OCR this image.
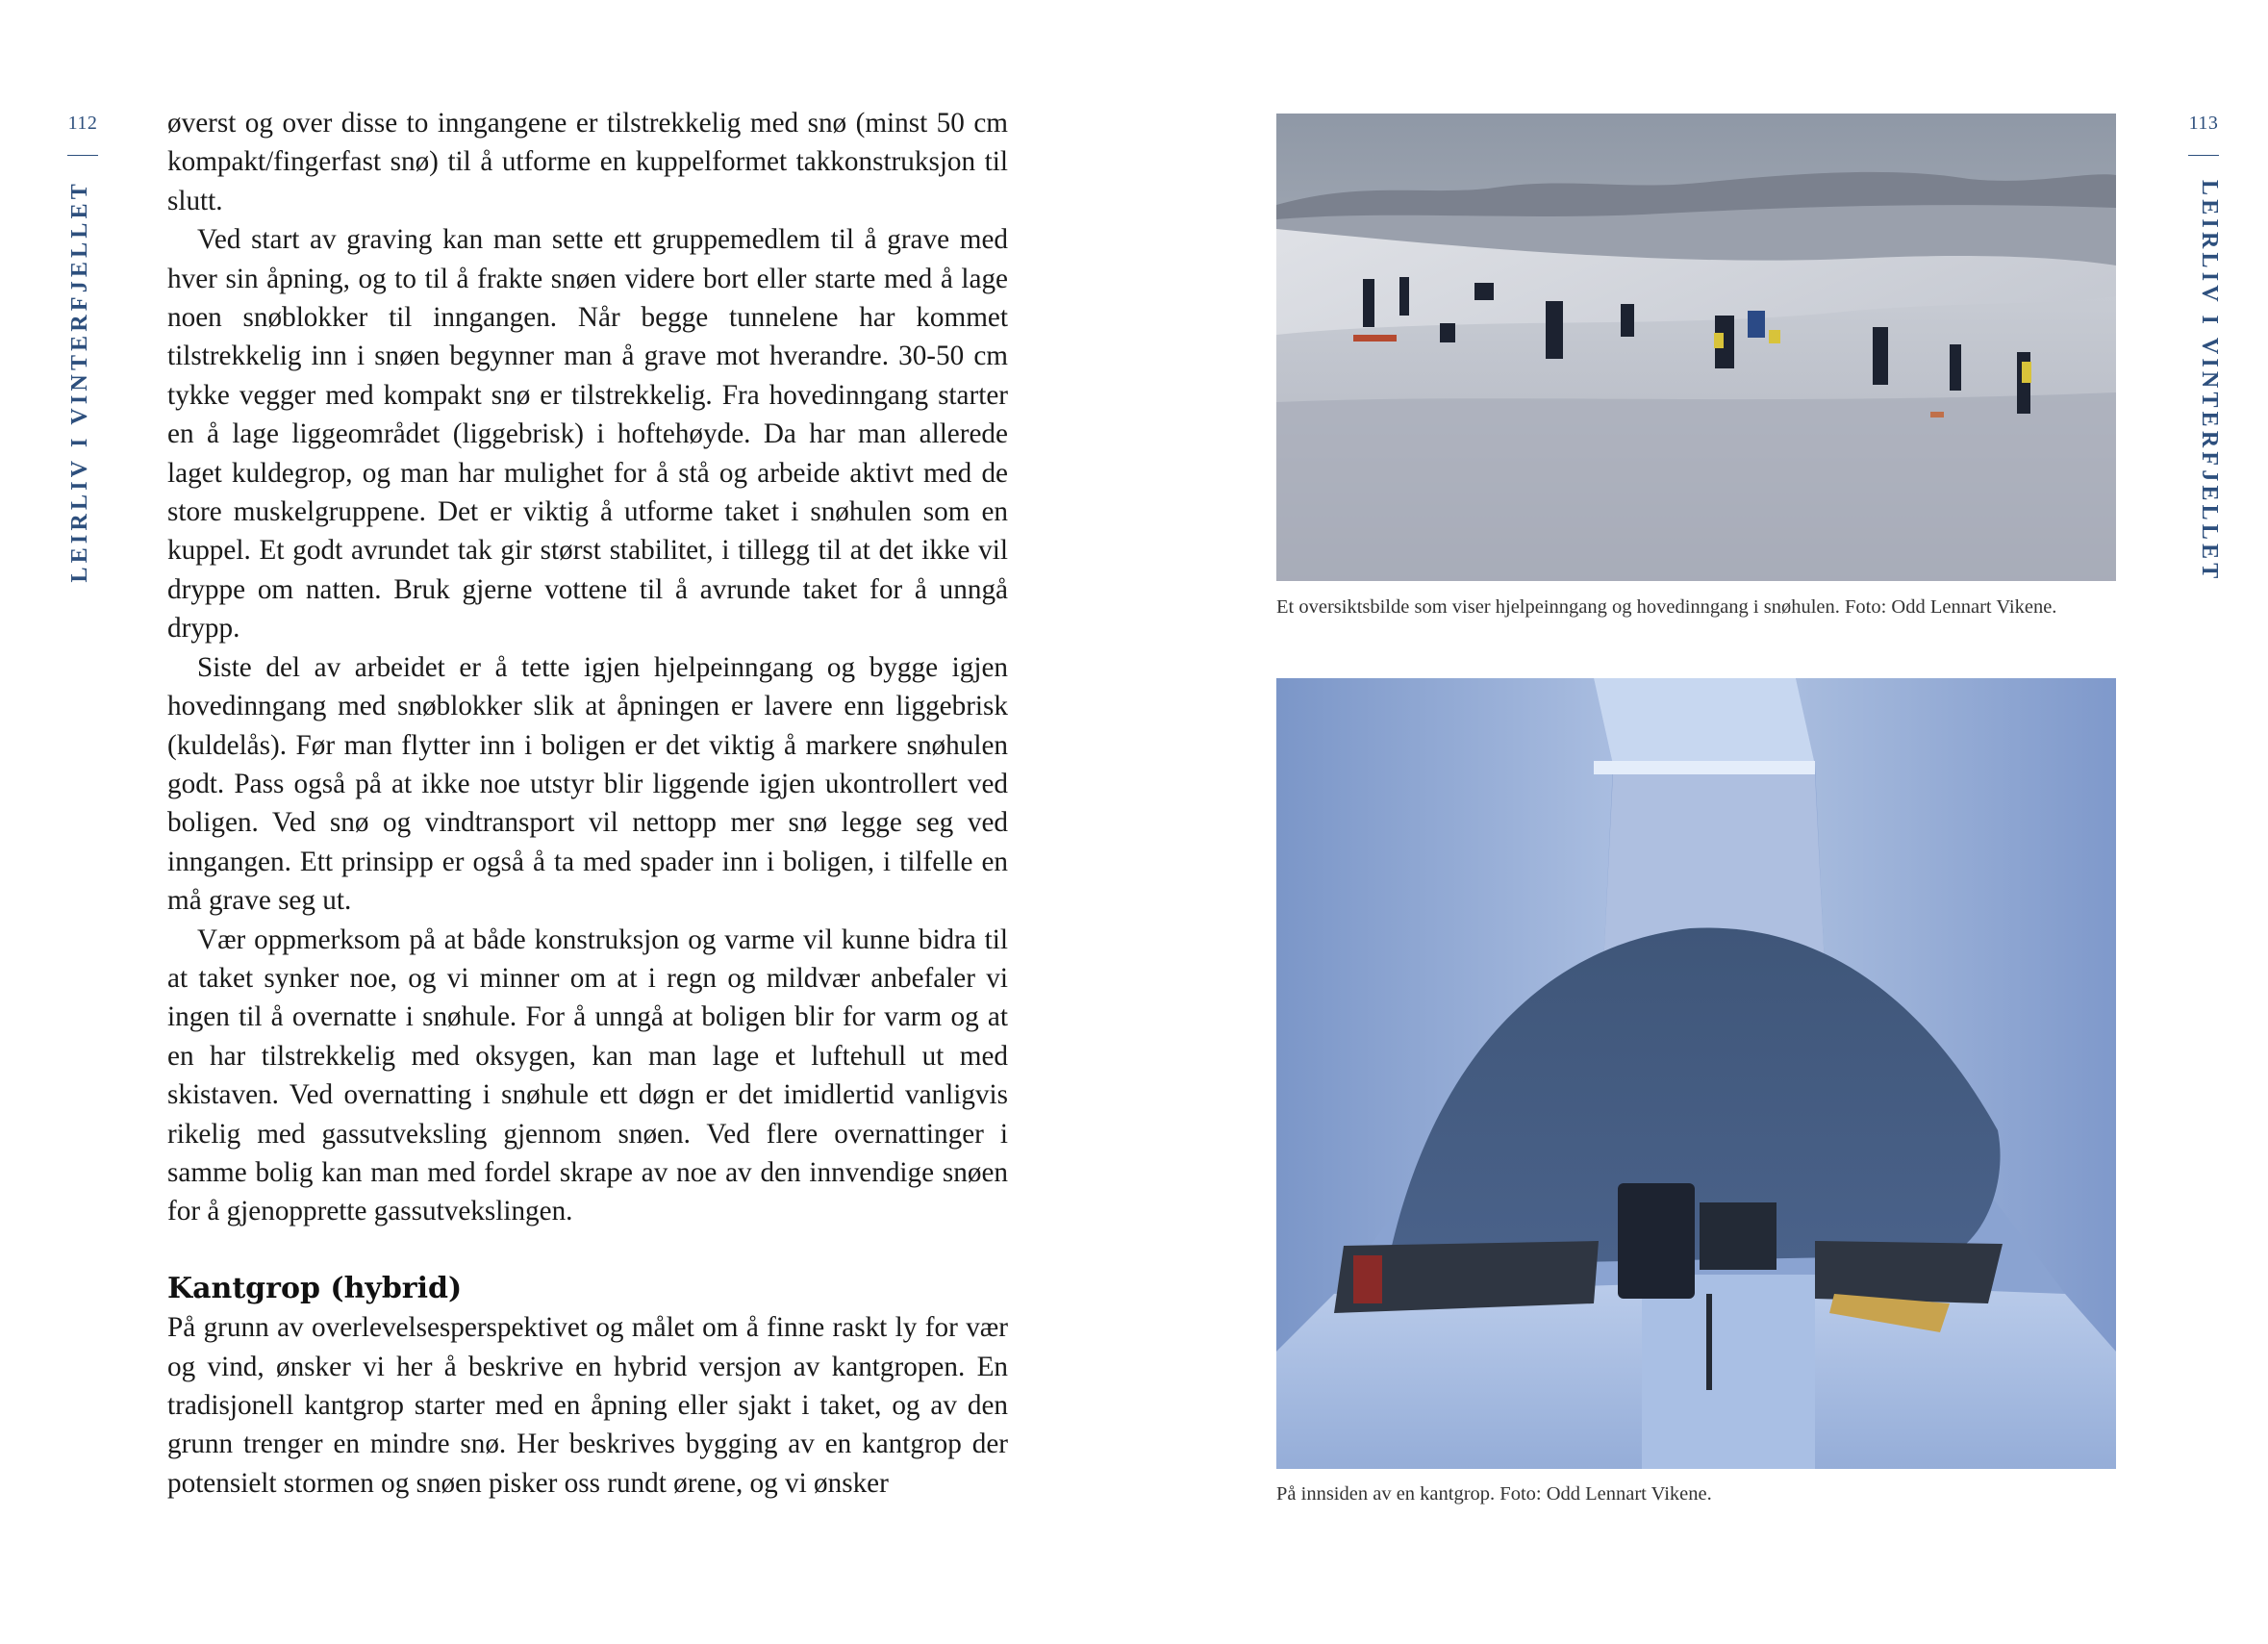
112
LEIRLIV I VINTERFJELLET

øverst og over disse to inngangene er tilstrekkelig med snø (minst 50 cm kompakt/fingerfast snø) til å utforme en kuppelformet takkonstruksjon til slutt.

Ved start av graving kan man sette ett gruppemedlem til å grave med hver sin åpning, og to til å frakte snøen videre bort eller starte med å lage noen snøblokker til inngangen. Når begge tunnelene har kommet tilstrekkelig inn i snøen begynner man å grave mot hverandre. 30-50 cm tykke vegger med kompakt snø er tilstrekkelig. Fra hovedinngang starter en å lage liggeområdet (liggebrisk) i hoftehøyde. Da har man allerede laget kuldegrop, og man har mulighet for å stå og arbeide aktivt med de store muskelgruppene. Det er viktig å utforme taket i snøhulen som en kuppel. Et godt avrundet tak gir størst stabilitet, i tillegg til at det ikke vil dryppe om natten. Bruk gjerne vottene til å avrunde taket for å unngå drypp.

Siste del av arbeidet er å tette igjen hjelpeinngang og bygge igjen hovedinngang med snøblokker slik at åpningen er lavere enn liggebrisk (kuldelås). Før man flytter inn i boligen er det viktig å markere snøhulen godt. Pass også på at ikke noe utstyr blir liggende igjen ukontrollert ved boligen. Ved snø og vindtransport vil nettopp mer snø legge seg ved inngangen. Ett prinsipp er også å ta med spader inn i boligen, i tilfelle en må grave seg ut.

Vær oppmerksom på at både konstruksjon og varme vil kunne bidra til at taket synker noe, og vi minner om at i regn og mildvær anbefaler vi ingen til å overnatte i snøhule. For å unngå at boligen blir for varm og at en har tilstrekkelig med oksygen, kan man lage et luftehull ut med skistaven. Ved overnatting i snøhule ett døgn er det imidlertid vanligvis rikelig med gassutveksling gjennom snøen. Ved flere overnattinger i samme bolig kan man med fordel skrape av noe av den innvendige snøen for å gjenopprette gassutvekslingen.

Kantgrop (hybrid)

På grunn av overlevelsesperspektivet og målet om å finne raskt ly for vær og vind, ønsker vi her å beskrive en hybrid versjon av kantgropen. En tradisjonell kantgrop starter med en åpning eller sjakt i taket, og av den grunn trenger en mindre snø. Her beskrives bygging av en kantgrop der potensielt stormen og snøen pisker oss rundt ørene, og vi ønsker

113
LEIRLIV I VINTERFJELLET
Et oversiktsbilde som viser hjelpeinngang og hovedinngang i snøhulen. Foto: Odd Lennart Vikene.
På innsiden av en kantgrop. Foto: Odd Lennart Vikene.
